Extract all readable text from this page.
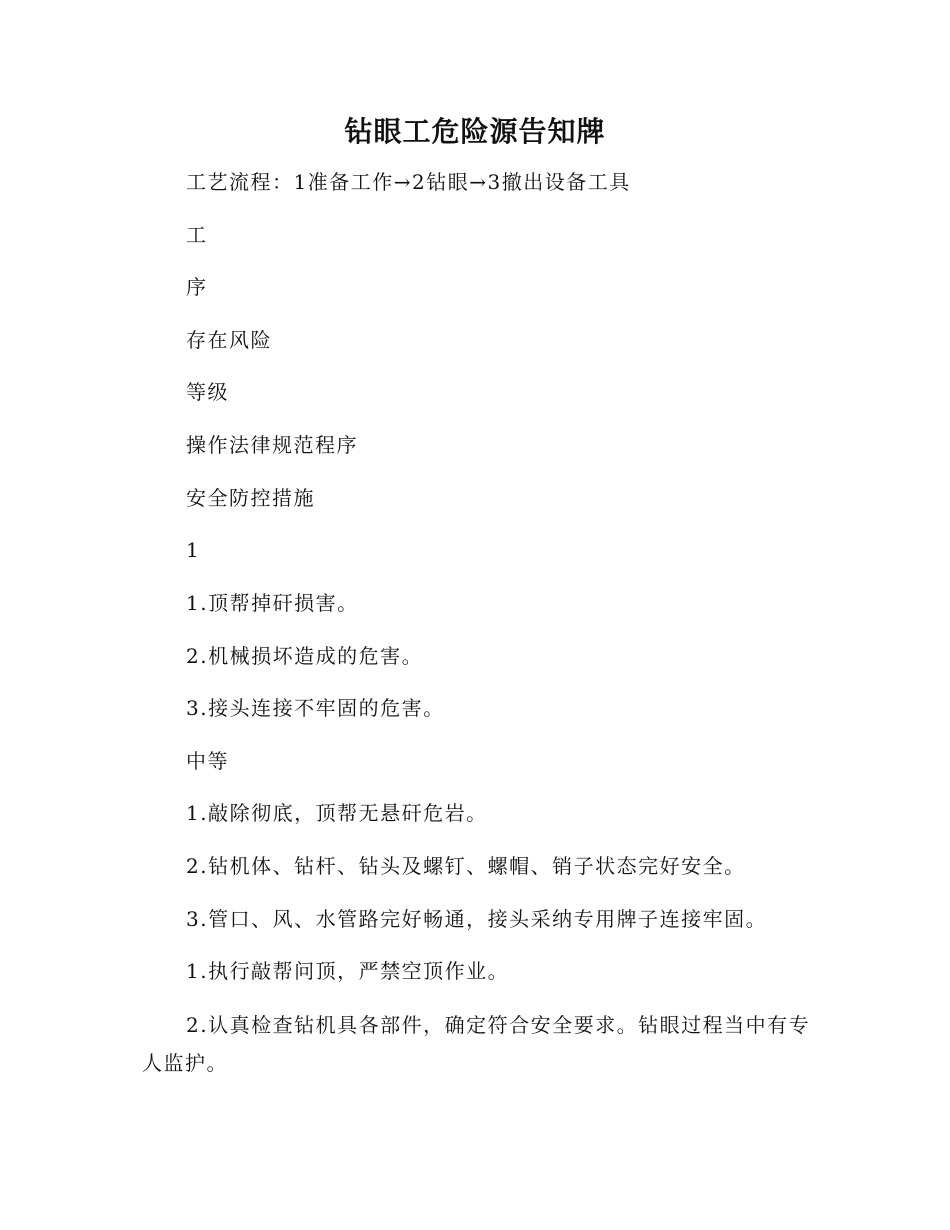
钻眼工危险源告知牌

工艺流程：1准备工作→2钻眼→3撤出设备工具

工

序

存在风险

等级

操作法律规范程序

安全防控措施

1

1.顶帮掉矸损害。

2.机械损坏造成的危害。

3.接头连接不牢固的危害。

中等

1.敲除彻底，顶帮无悬矸危岩。

2.钻机体、钻杆、钻头及螺钉、螺帽、销子状态完好安全。

3.管口、风、水管路完好畅通，接头采纳专用牌子连接牢固。

1.执行敲帮问顶，严禁空顶作业。

2.认真检查钻机具各部件，确定符合安全要求。钻眼过程当中有专人监护。
